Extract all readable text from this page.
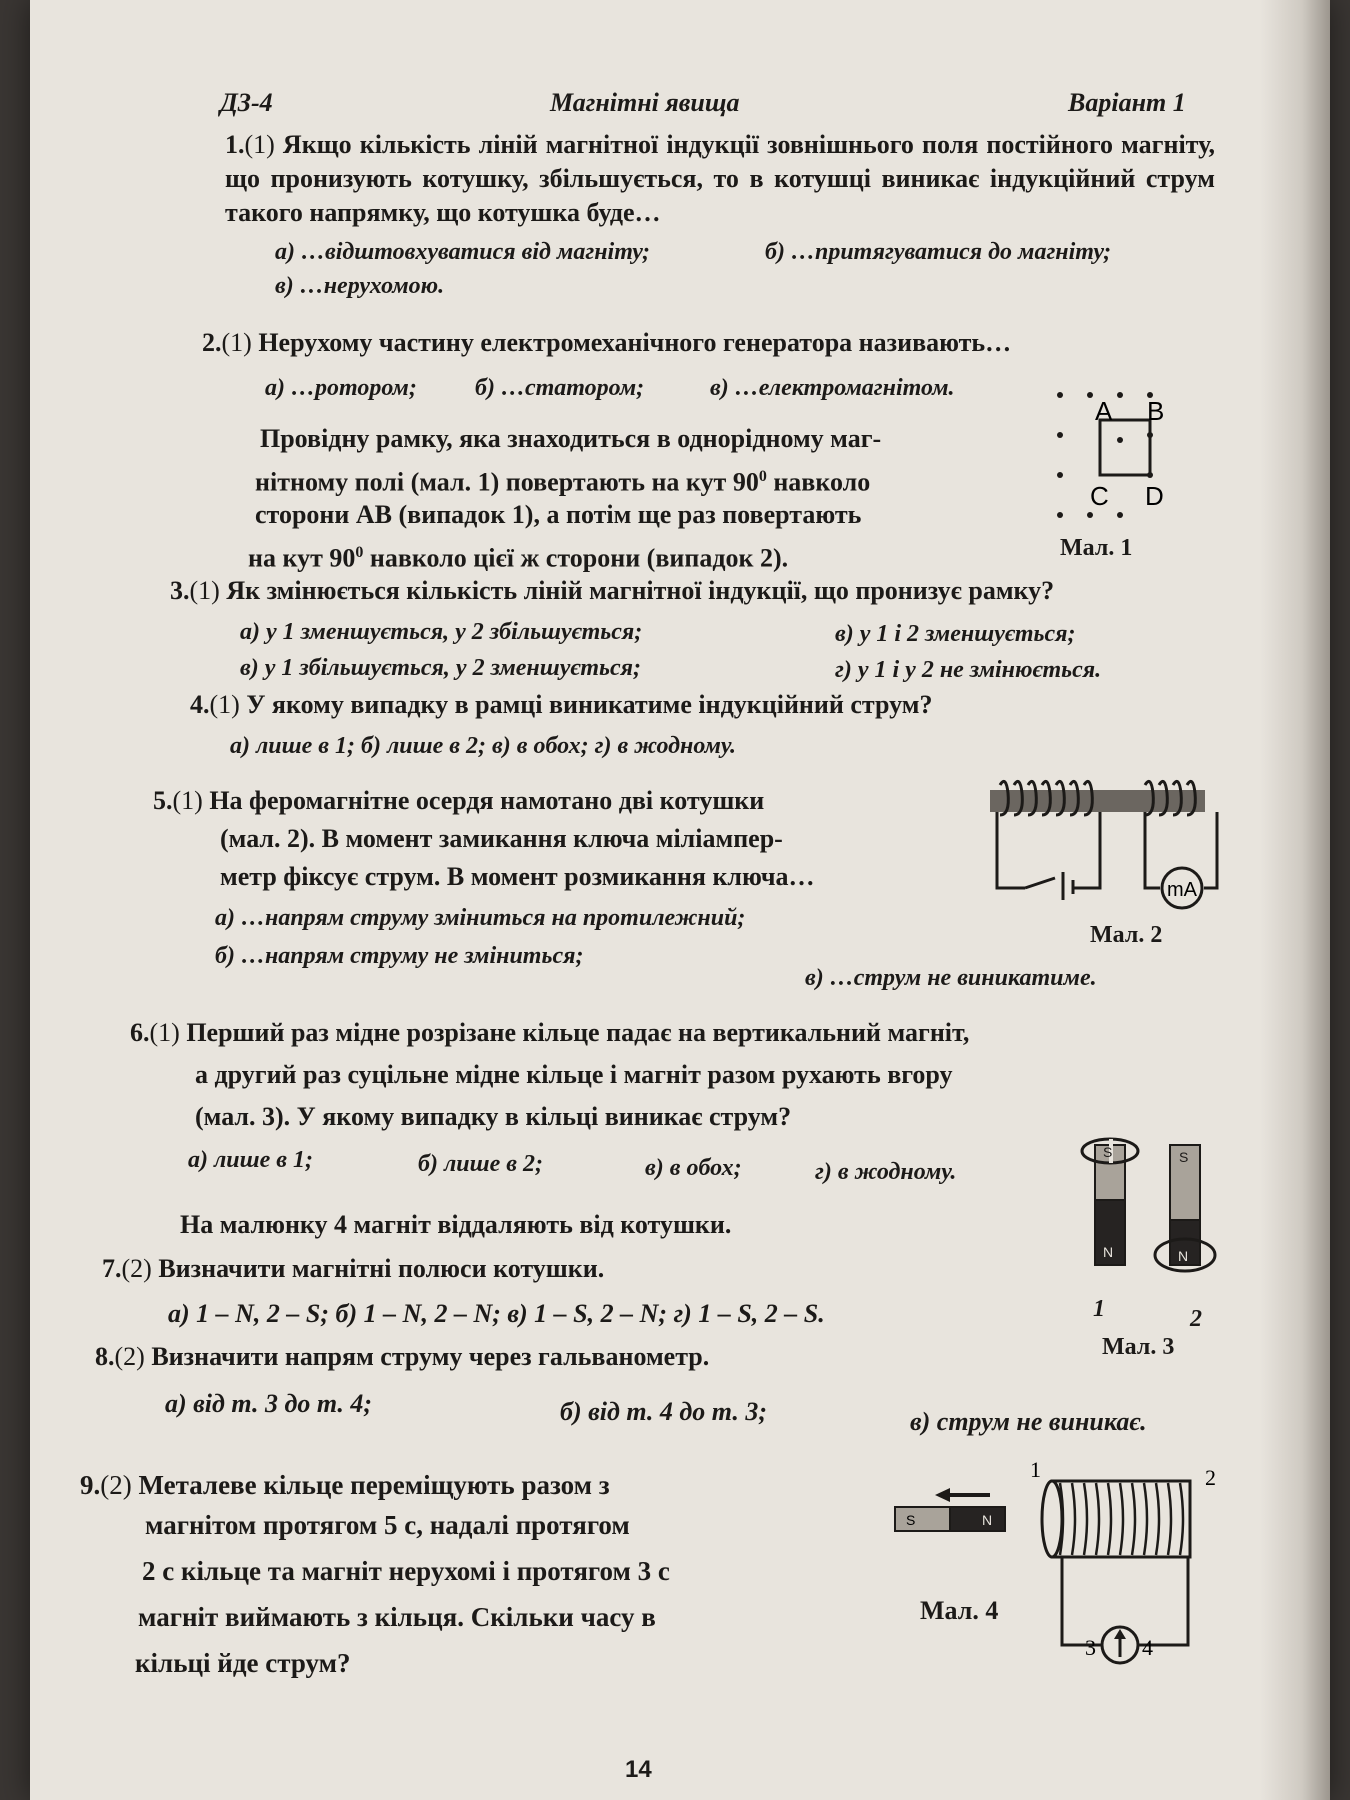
ДЗ-4	Магнітні явища	Варіант 1
1.(1) Якщо кількість ліній магнітної індукції зовнішнього поля постійного магніту, що пронизують котушку, збільшується, то в котушці виникає індукційний струм такого напрямку, що котушка буде…
а) …відштовхуватися від магніту;	б) …притягуватися до магніту;
в) …нерухомою.
2.(1) Нерухому частину електромеханічного генератора називають…
а) …ротором; б) …статором;	в) …електромагнітом.
Провідну рамку, яка знаходиться в однорідному маг-
нітному полі (мал. 1) повертають на кут $90^0$ навколо
сторони АВ (випадок 1), а потім ще раз повертають
на кут $90^0$ навколо цієї ж сторони (випадок 2).
A B
C D
Мал. 1
3.(1) Як змінюється кількість ліній магнітної індукції, що пронизує рамку?
а) у 1 зменшується, у 2 збільшується;	в) у 1 і 2 зменшується;
в) у 1 збільшується, у 2 зменшується;	г) у 1 і у 2 не змінюється.
4.(1) У якому випадку в рамці виникатиме індукційний струм?
а) лише в 1; б) лише в 2; в) в обох; г) в жодному.
5.(1) На феромагнітне осердя намотано дві котушки
(мал. 2). В момент замикання ключа міліампер-
метр фіксує струм. В момент розмикання ключа…
а) …напрям струму зміниться на протилежний;
б) …напрям струму не зміниться;
в) …струм не виникатиме.
mA
Мал. 2
6.(1) Перший раз мідне розрізане кільце падає на вертикальний магніт,
а другий раз суцільне мідне кільце і магніт разом рухають вгору
(мал. 3). У якому випадку в кільці виникає струм?
а) лише в 1;	б) лише в 2;	в) в обох;	г) в жодному.
S
N
S
N
1	2
Мал. 3
На малюнку 4 магніт віддаляють від котушки.
7.(2) Визначити магнітні полюси котушки.
а) 1 – N, 2 – S; б) 1 – N, 2 – N; в) 1 – S, 2 – N; г) 1 – S, 2 – S.
8.(2) Визначити напрям струму через гальванометр.
а) від т. 3 до т. 4;	б) від т. 4 до т. 3;	в) струм не виникає.
9.(2) Металеве кільце переміщують разом з
магнітом протягом 5 с, надалі протягом
2 с кільце та магніт нерухомі і протягом 3 с
магніт виймають з кільця. Скільки часу в
кільці йде струм?
S	N
1	2
3 4
Мал. 4
14
